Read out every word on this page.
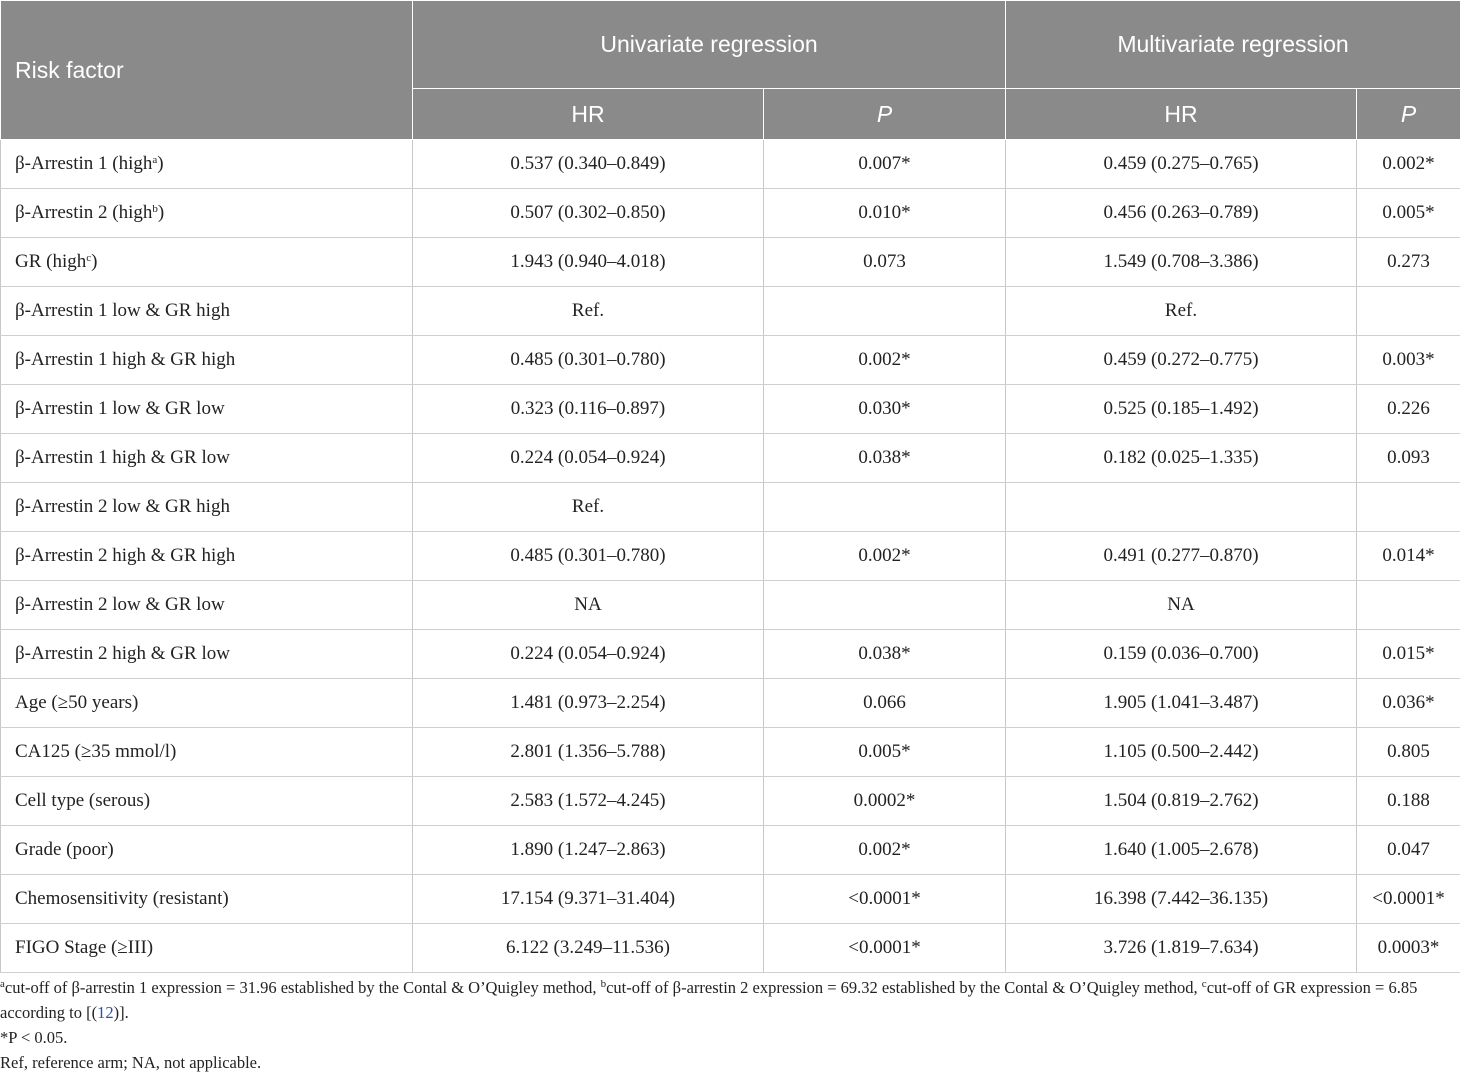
Risk factor	Univariate regression		Multivariate regression	
	HR	P	HR	P
β-Arrestin 1 (high$^a$)	0.537 (0.340–0.849)	0.007*	0.459 (0.275–0.765)	0.002*
β-Arrestin 2 (high$^b$)	0.507 (0.302–0.850)	0.010*	0.456 (0.263–0.789)	0.005*
GR (high$^c$)	1.943 (0.940–4.018)	0.073	1.549 (0.708–3.386)	0.273
β-Arrestin 1 low & GR high	Ref.		Ref.	
β-Arrestin 1 high & GR high	0.485 (0.301–0.780)	0.002*	0.459 (0.272–0.775)	0.003*
β-Arrestin 1 low & GR low	0.323 (0.116–0.897)	0.030*	0.525 (0.185–1.492)	0.226
β-Arrestin 1 high & GR low	0.224 (0.054–0.924)	0.038*	0.182 (0.025–1.335)	0.093
β-Arrestin 2 low & GR high	Ref.			
β-Arrestin 2 high & GR high	0.485 (0.301–0.780)	0.002*	0.491 (0.277–0.870)	0.014*
β-Arrestin 2 low & GR low	NA		NA	
β-Arrestin 2 high & GR low	0.224 (0.054–0.924)	0.038*	0.159 (0.036–0.700)	0.015*
Age (≥50 years)	1.481 (0.973–2.254)	0.066	1.905 (1.041–3.487)	0.036*
CA125 (≥35 mmol/l)	2.801 (1.356–5.788)	0.005*	1.105 (0.500–2.442)	0.805
Cell type (serous)	2.583 (1.572–4.245)	0.0002*	1.504 (0.819–2.762)	0.188
Grade (poor)	1.890 (1.247–2.863)	0.002*	1.640 (1.005–2.678)	0.047
Chemosensitivity (resistant)	17.154 (9.371–31.404)	<0.0001*	16.398 (7.442–36.135)	<0.0001*
FIGO Stage (≥III)	6.122 (3.249–11.536)	<0.0001*	3.726 (1.819–7.634)	0.0003*

$^a$cut-off of β-arrestin 1 expression = 31.96 established by the Contal & O’Quigley method, $^b$cut-off of β-arrestin 2 expression = 69.32 established by the Contal & O’Quigley method, $^c$cut-off of GR expression = 6.85 according to [(12)].

*P < 0.05.

Ref, reference arm; NA, not applicable.
